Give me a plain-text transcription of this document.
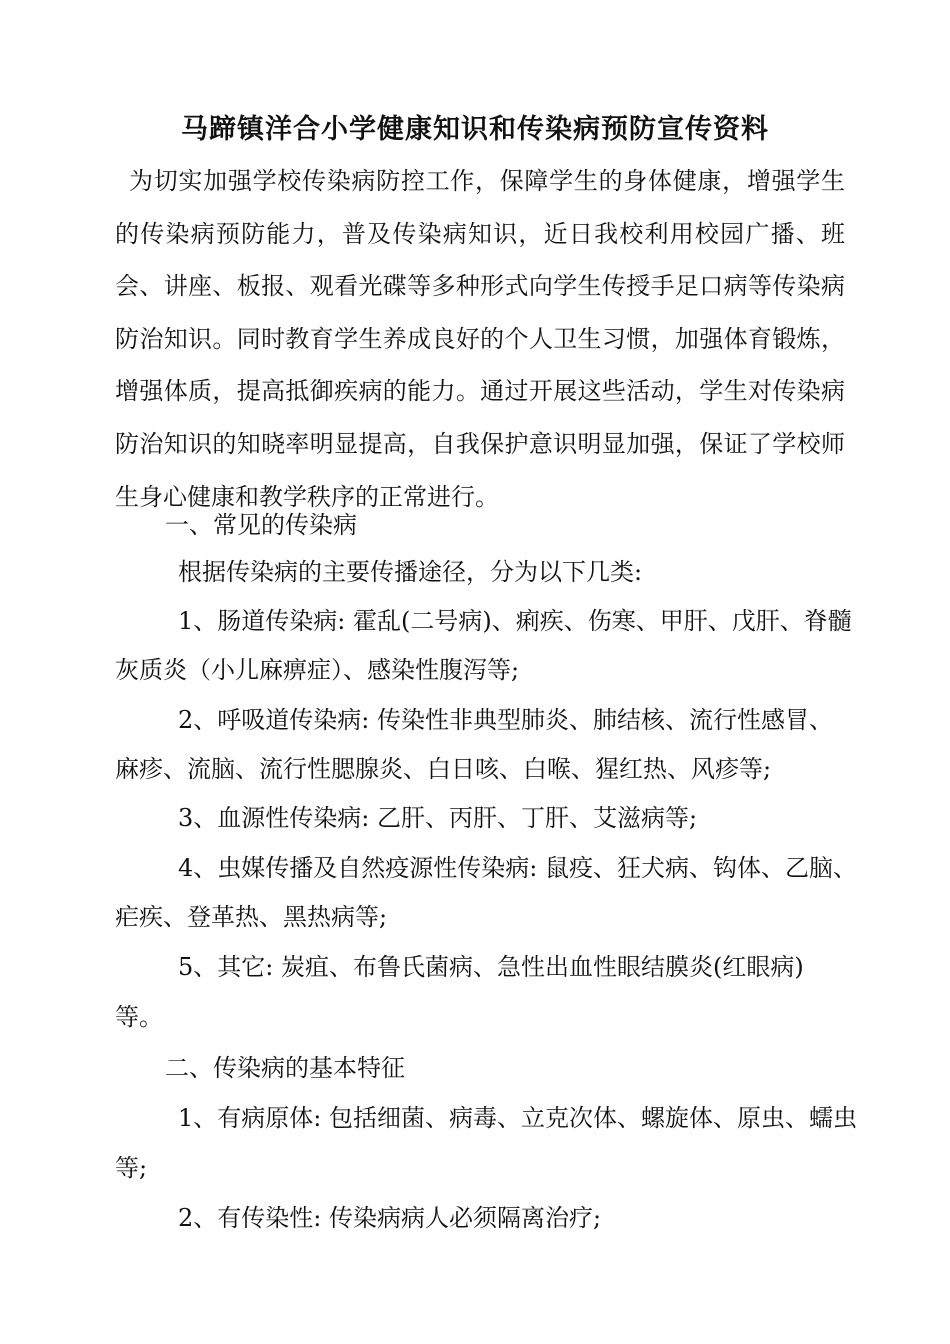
马蹄镇洋合小学健康知识和传染病预防宣传资料

为切实加强学校传染病防控工作，保障学生的身体健康，增强学生的传染病预防能力，普及传染病知识，近日我校利用校园广播、班会、讲座、板报、观看光碟等多种形式向学生传授手足口病等传染病防治知识。同时教育学生养成良好的个人卫生习惯，加强体育锻炼，增强体质，提高抵御疾病的能力。通过开展这些活动，学生对传染病防治知识的知晓率明显提高，自我保护意识明显加强，保证了学校师生身心健康和教学秩序的正常进行。

一、常见的传染病
根据传染病的主要传播途径，分为以下几类:
1、肠道传染病: 霍乱(二号病)、痢疾、伤寒、甲肝、戊肝、脊髓
灰质炎（小儿麻痹症）、感染性腹泻等;
2、呼吸道传染病: 传染性非典型肺炎、肺结核、流行性感冒、
麻疹、流脑、流行性腮腺炎、白日咳、白喉、猩红热、风疹等;
3、血源性传染病: 乙肝、丙肝、丁肝、艾滋病等;
4、虫媒传播及自然疫源性传染病: 鼠疫、狂犬病、钩体、乙脑、
疟疾、登革热、黑热病等;
5、其它: 炭疽、布鲁氏菌病、急性出血性眼结膜炎(红眼病)
等。
二、传染病的基本特征
1、有病原体: 包括细菌、病毒、立克次体、螺旋体、原虫、蠕虫
等;
2、有传染性: 传染病病人必须隔离治疗;
